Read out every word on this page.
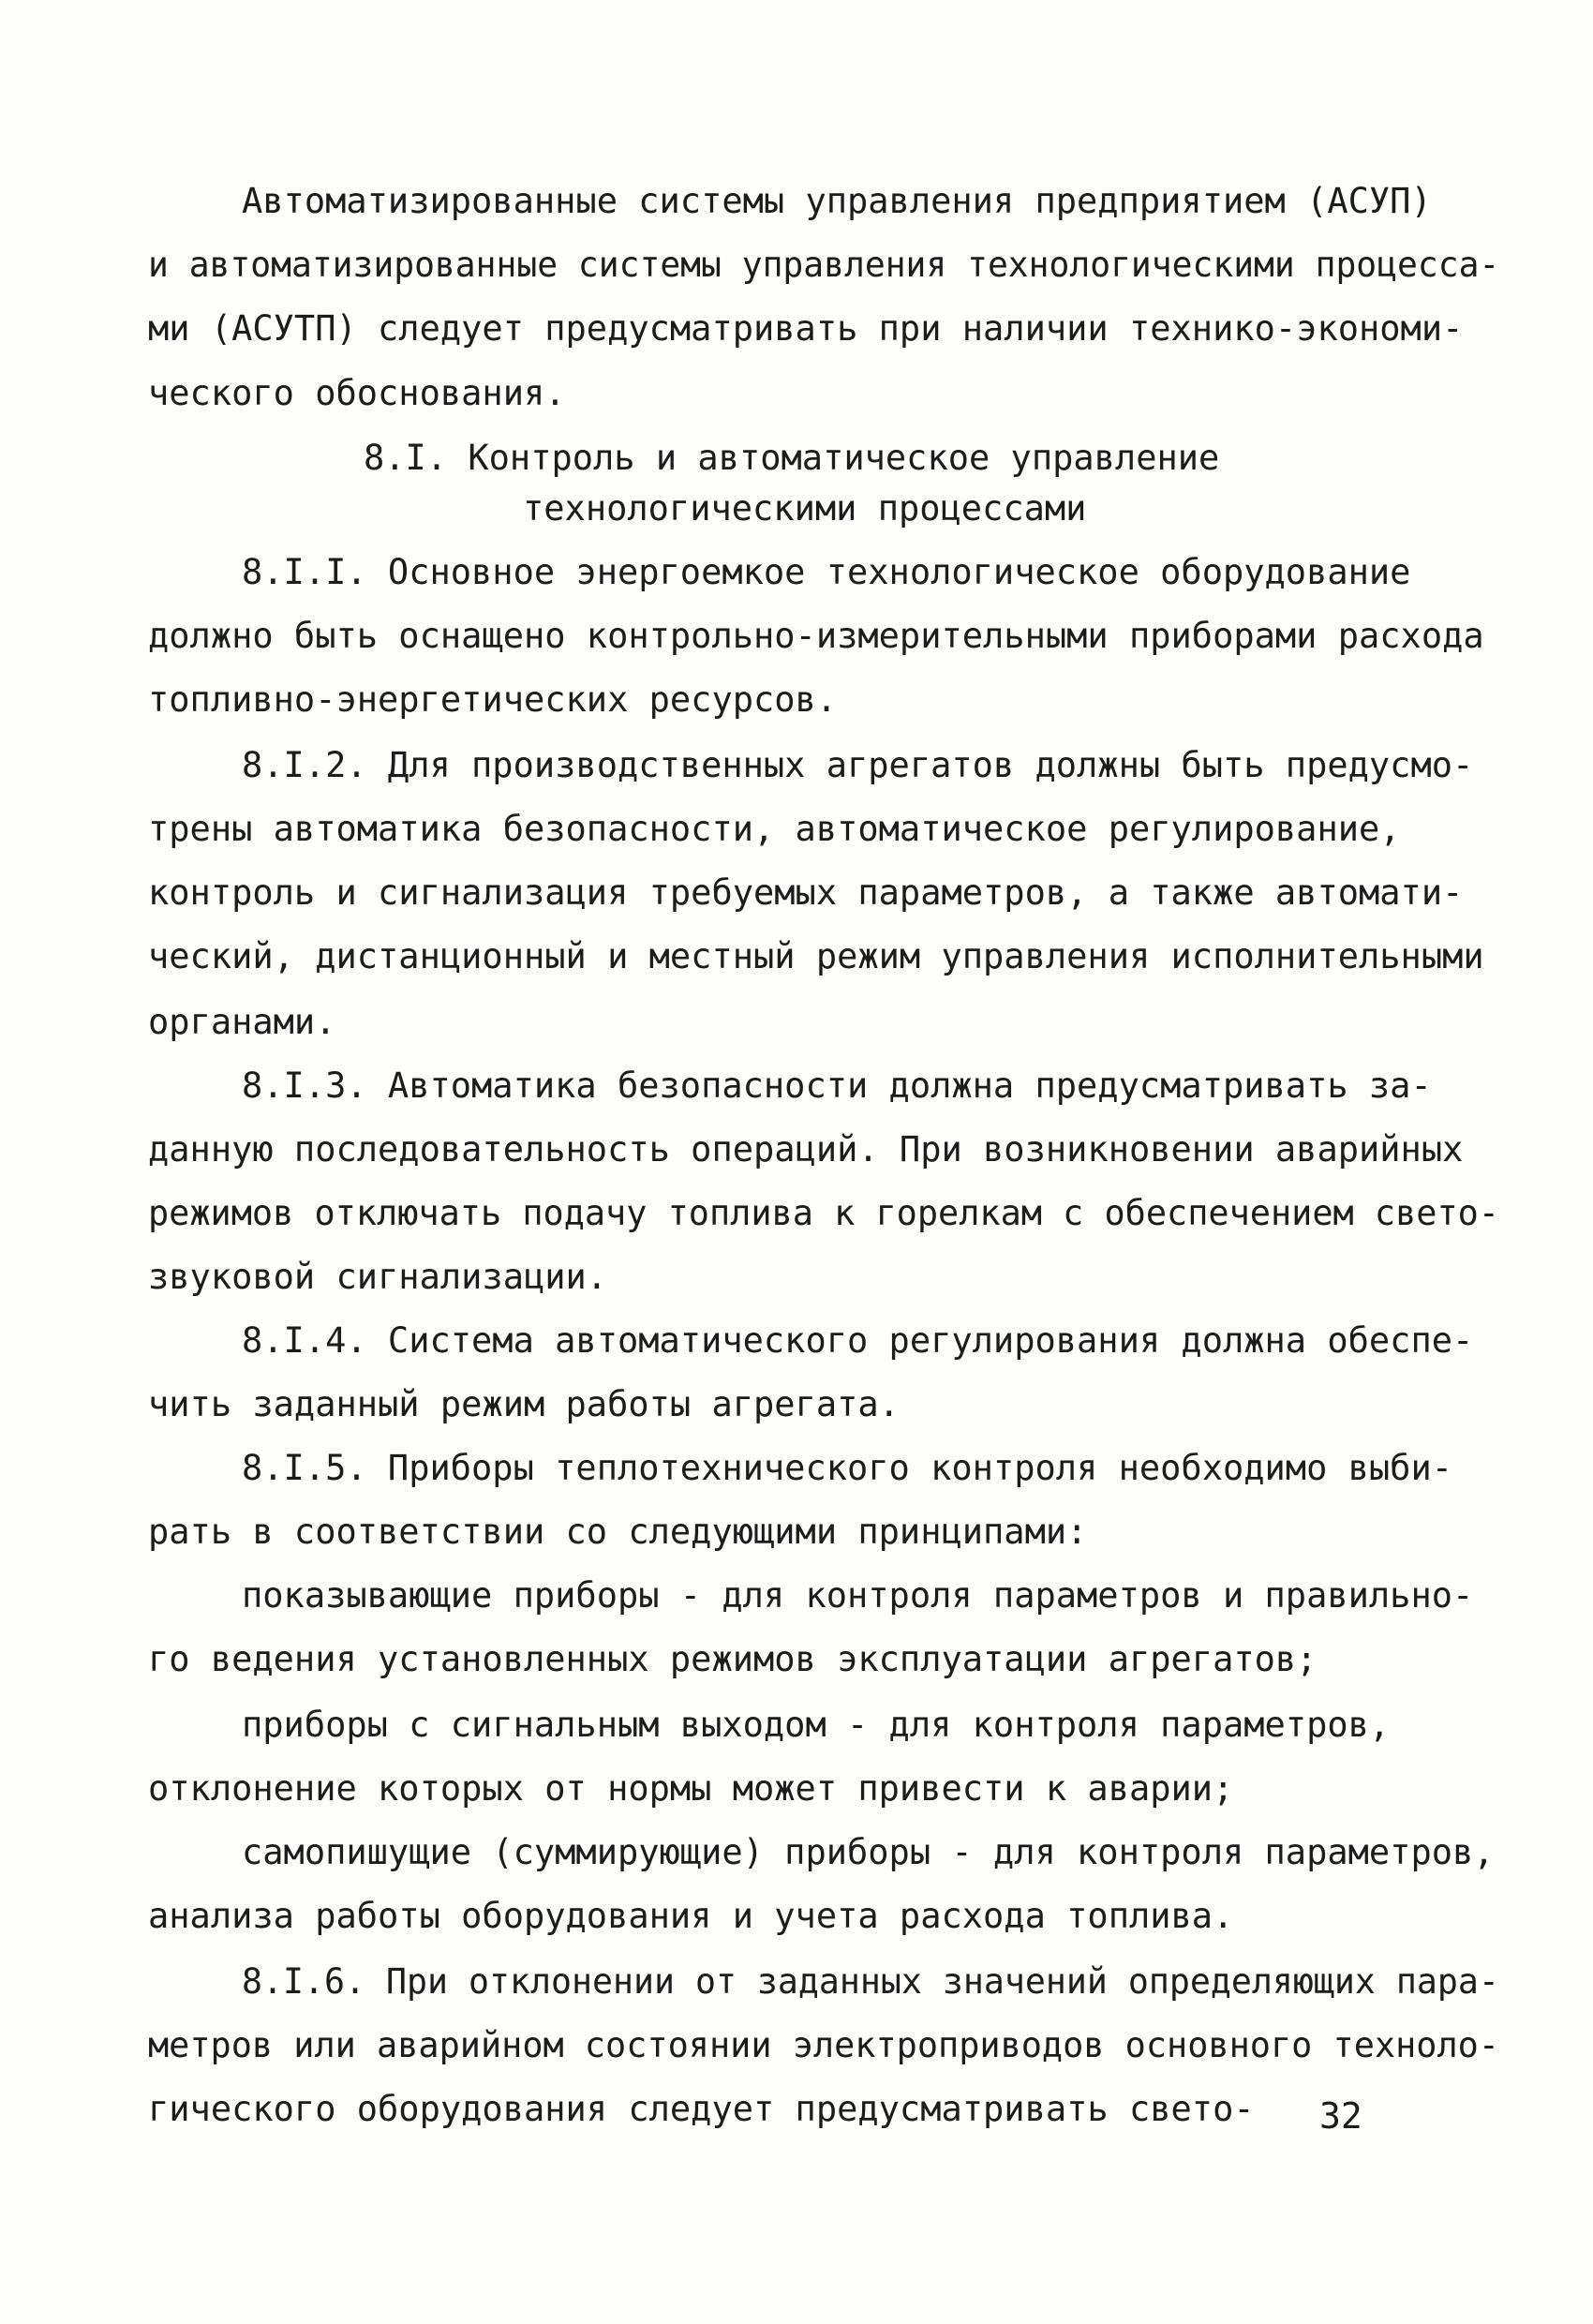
Автоматизированные системы управления предприятием (АСУП)

и автоматизированные системы управления технологическими процесса-

ми (АСУТП) следует предусматривать при наличии технико-экономи-

ческого обоснования.

8.I. Контроль и автоматическое управление

технологическими процессами

8.I.I. Основное энергоемкое технологическое оборудование

должно быть оснащено контрольно-измерительными приборами расхода

топливно-энергетических ресурсов.

8.I.2. Для производственных агрегатов должны быть предусмо-

трены автоматика безопасности, автоматическое регулирование,

контроль и сигнализация требуемых параметров, а также автомати-

ческий, дистанционный и местный режим управления исполнительными

органами.

8.I.3. Автоматика безопасности должна предусматривать за-

данную последовательность операций. При возникновении аварийных

режимов отключать подачу топлива к горелкам с обеспечением свето-

звуковой сигнализации.

8.I.4. Система автоматического регулирования должна обеспе-

чить заданный режим работы агрегата.

8.I.5. Приборы теплотехнического контроля необходимо выби-

рать в соответствии со следующими принципами:

показывающие приборы - для контроля параметров и правильно-

го ведения установленных режимов эксплуатации агрегатов;

приборы с сигнальным выходом - для контроля параметров,

отклонение которых от нормы может привести к аварии;

самопишущие (суммирующие) приборы - для контроля параметров,

анализа работы оборудования и учета расхода топлива.

8.I.6. При отклонении от заданных значений определяющих пара-

метров или аварийном состоянии электроприводов основного техноло-

гического оборудования следует предусматривать свето- 32
